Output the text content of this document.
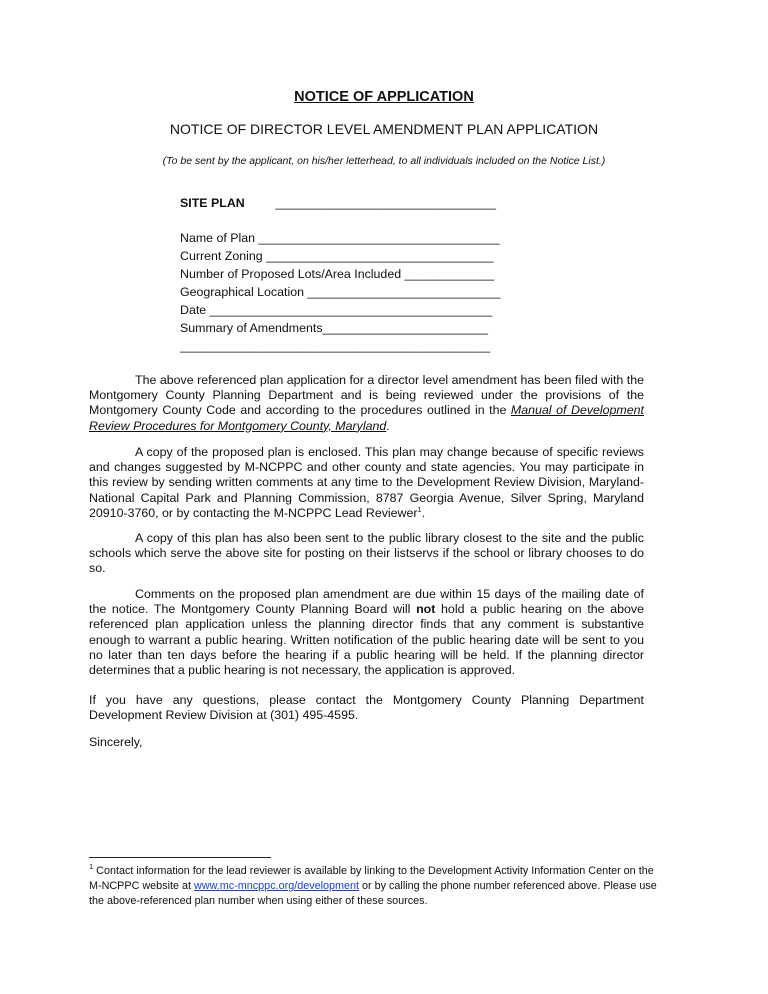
NOTICE OF APPLICATION
NOTICE OF DIRECTOR LEVEL AMENDMENT PLAN APPLICATION
(To be sent by the applicant, on his/her letterhead, to all individuals included on the Notice List.)
SITE PLAN ________________________________
Name of Plan ___________________________________
Current Zoning _________________________________
Number of Proposed Lots/Area Included _____________
Geographical Location ____________________________
Date _________________________________________
Summary of Amendments________________________
_____________________________________________

The above referenced plan application for a director level amendment has been filed with the Montgomery County Planning Department and is being reviewed under the provisions of the Montgomery County Code and according to the procedures outlined in the Manual of Development Review Procedures for Montgomery County, Maryland.

A copy of the proposed plan is enclosed. This plan may change because of specific reviews and changes suggested by M-NCPPC and other county and state agencies. You may participate in this review by sending written comments at any time to the Development Review Division, Maryland-National Capital Park and Planning Commission, 8787 Georgia Avenue, Silver Spring, Maryland 20910-3760, or by contacting the M-NCPPC Lead Reviewer$^1$.

A copy of this plan has also been sent to the public library closest to the site and the public schools which serve the above site for posting on their listservs if the school or library chooses to do so.

Comments on the proposed plan amendment are due within 15 days of the mailing date of the notice. The Montgomery County Planning Board will not hold a public hearing on the above referenced plan application unless the planning director finds that any comment is substantive enough to warrant a public hearing. Written notification of the public hearing date will be sent to you no later than ten days before the hearing if a public hearing will be held. If the planning director determines that a public hearing is not necessary, the application is approved.

If you have any questions, please contact the Montgomery County Planning Department Development Review Division at (301) 495-4595.

Sincerely,

$^1$ Contact information for the lead reviewer is available by linking to the Development Activity Information Center on the M-NCPPC website at www.mc-mncppc.org/development or by calling the phone number referenced above. Please use the above-referenced plan number when using either of these sources.
